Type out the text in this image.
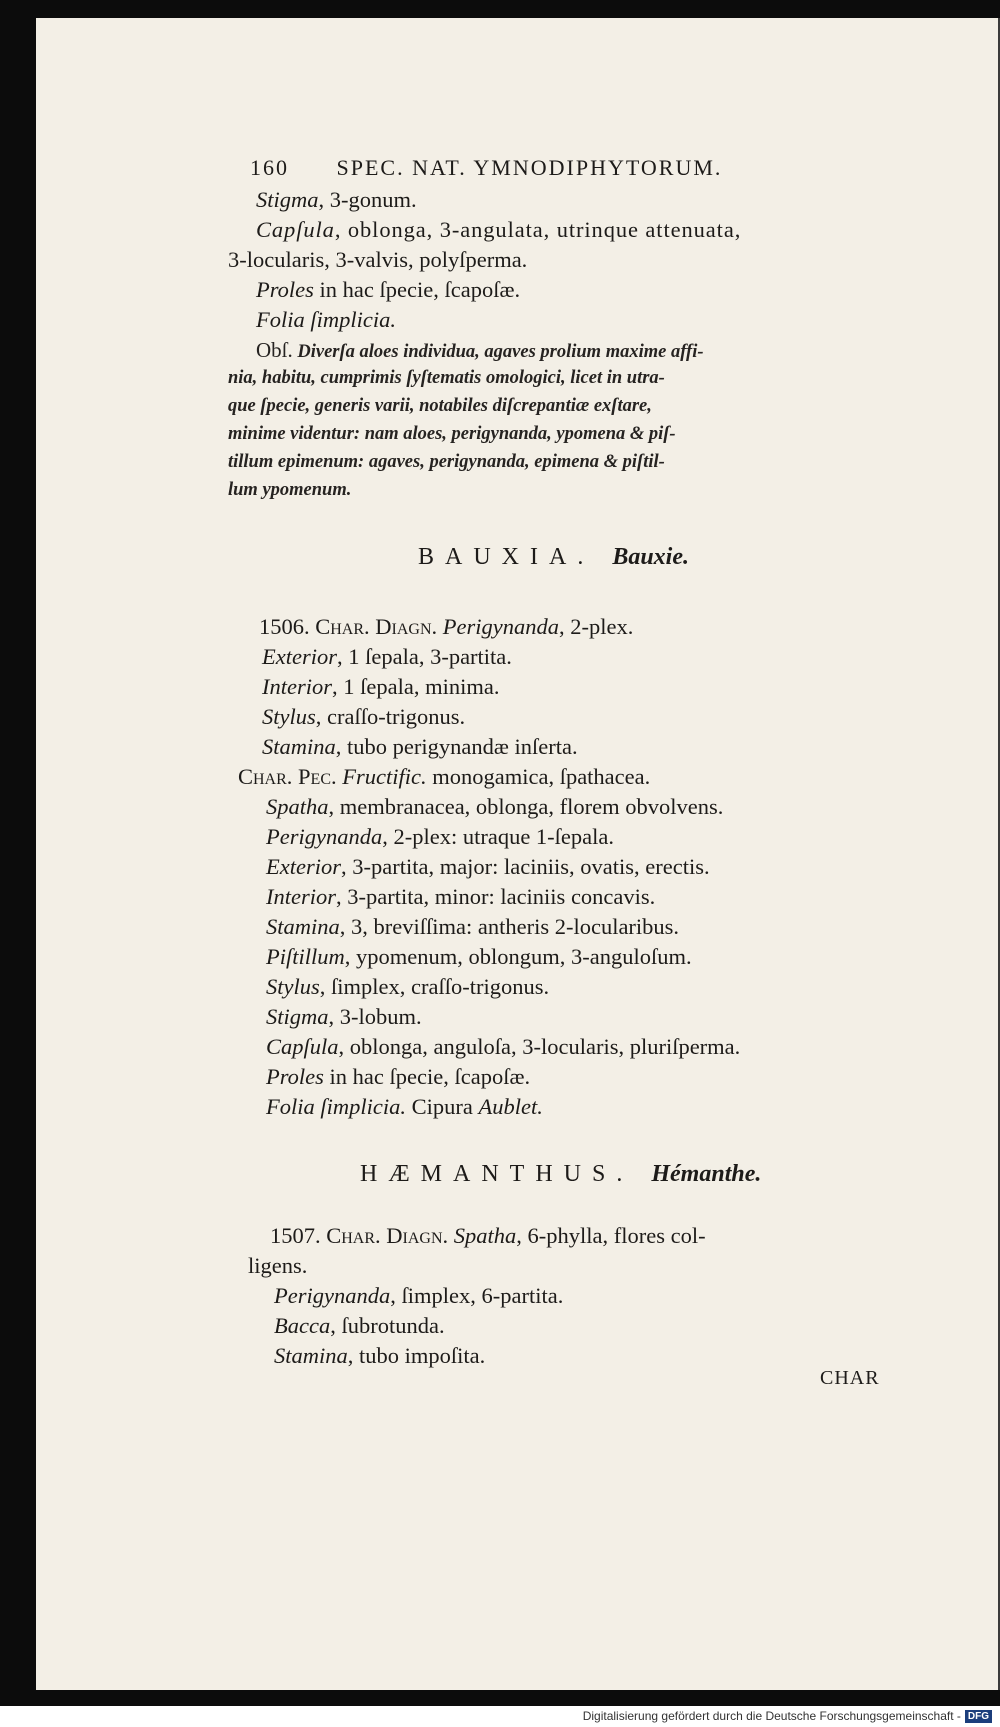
160 SPEC. NAT. YMNODIPHYTORUM.
Stigma, 3-gonum.
Capſula, oblonga, 3-angulata, utrinque attenuata,
3-locularis, 3-valvis, polyſperma.
Proles in hac ſpecie, ſcapoſæ.
Folia ſimplicia.
Obſ. Diverſa aloes individua, agaves prolium maxime affi-
nia, habitu, cumprimis ſyſtematis omologici, licet in utra-
que ſpecie, generis varii, notabiles diſcrepantiæ exſtare,
minime videntur: nam aloes, perigynanda, ypomena & piſ-
tillum epimenum: agaves, perigynanda, epimena & piſtil-
lum ypomenum.
BAUXIA. Bauxie.
1506. Char. Diagn. Perigynanda, 2-plex.
Exterior, 1 ſepala, 3-partita.
Interior, 1 ſepala, minima.
Stylus, craſſo-trigonus.
Stamina, tubo perigynandæ inſerta.
Char. Pec. Fructific. monogamica, ſpathacea.
Spatha, membranacea, oblonga, florem obvolvens.
Perigynanda, 2-plex: utraque 1-ſepala.
Exterior, 3-partita, major: laciniis, ovatis, erectis.
Interior, 3-partita, minor: laciniis concavis.
Stamina, 3, breviſſima: antheris 2-locularibus.
Piſtillum, ypomenum, oblongum, 3-anguloſum.
Stylus, ſimplex, craſſo-trigonus.
Stigma, 3-lobum.
Capſula, oblonga, anguloſa, 3-locularis, pluriſperma.
Proles in hac ſpecie, ſcapoſæ.
Folia ſimplicia. Cipura Aublet.
HÆMANTHUS. Hémanthe.
1507. Char. Diagn. Spatha, 6-phylla, flores col-
ligens.
Perigynanda, ſimplex, 6-partita.
Bacca, ſubrotunda.
Stamina, tubo impoſita.
CHAR
Digitalisierung gefördert durch die Deutsche Forschungsgemeinschaft - DFG
